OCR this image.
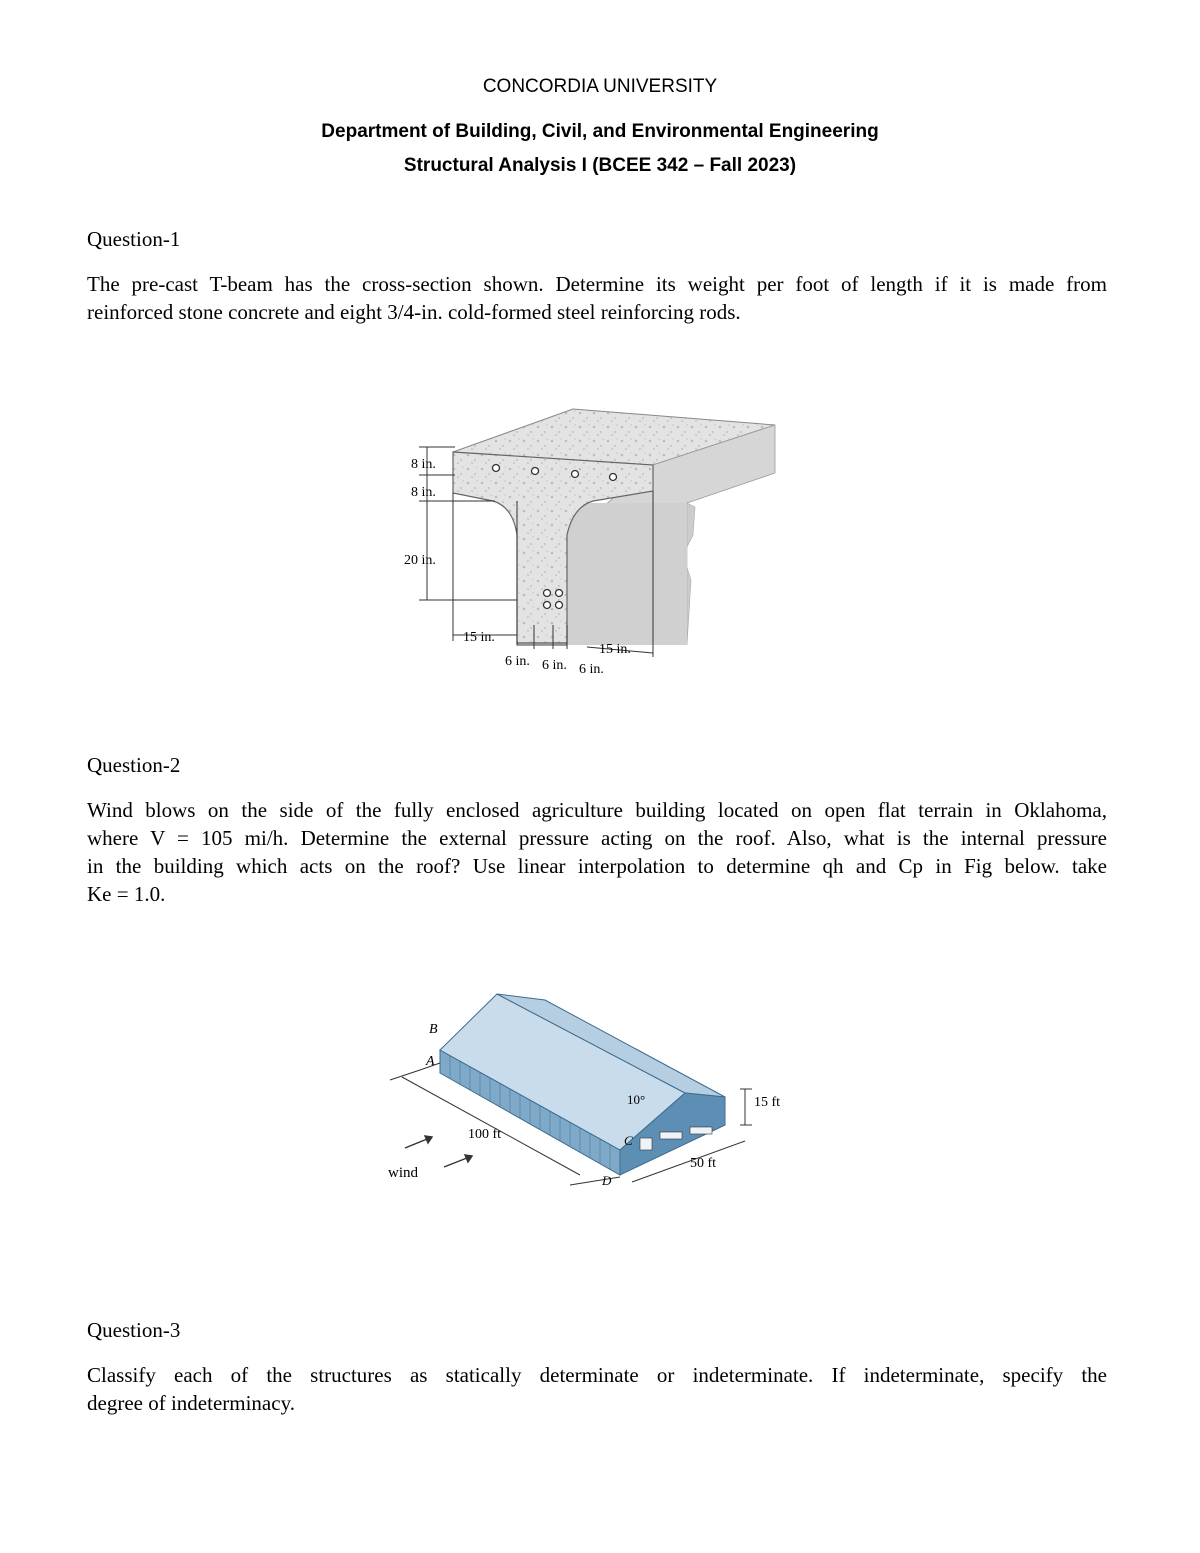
CONCORDIA UNIVERSITY
Department of Building, Civil, and Environmental Engineering
Structural Analysis I (BCEE 342 – Fall 2023)
Question-1
The pre-cast T-beam has the cross-section shown. Determine its weight per foot of length if it is made from
reinforced stone concrete and eight 3/4-in. cold-formed steel reinforcing rods.
8 in.
8 in.
20 in.
15 in.
15 in.
6 in. 6 in. 6 in.
Question-2
Wind blows on the side of the fully enclosed agriculture building located on open flat terrain in Oklahoma,
where V = 105 mi/h. Determine the external pressure acting on the roof. Also, what is the internal pressure
in the building which acts on the roof? Use linear interpolation to determine qh and Cp in Fig below. take
Ke = 1.0.
B
A
C
D
10°
100 ft
50 ft
15 ft
wind
Question-3
Classify each of the structures as statically determinate or indeterminate. If indeterminate, specify the
degree of indeterminacy.
